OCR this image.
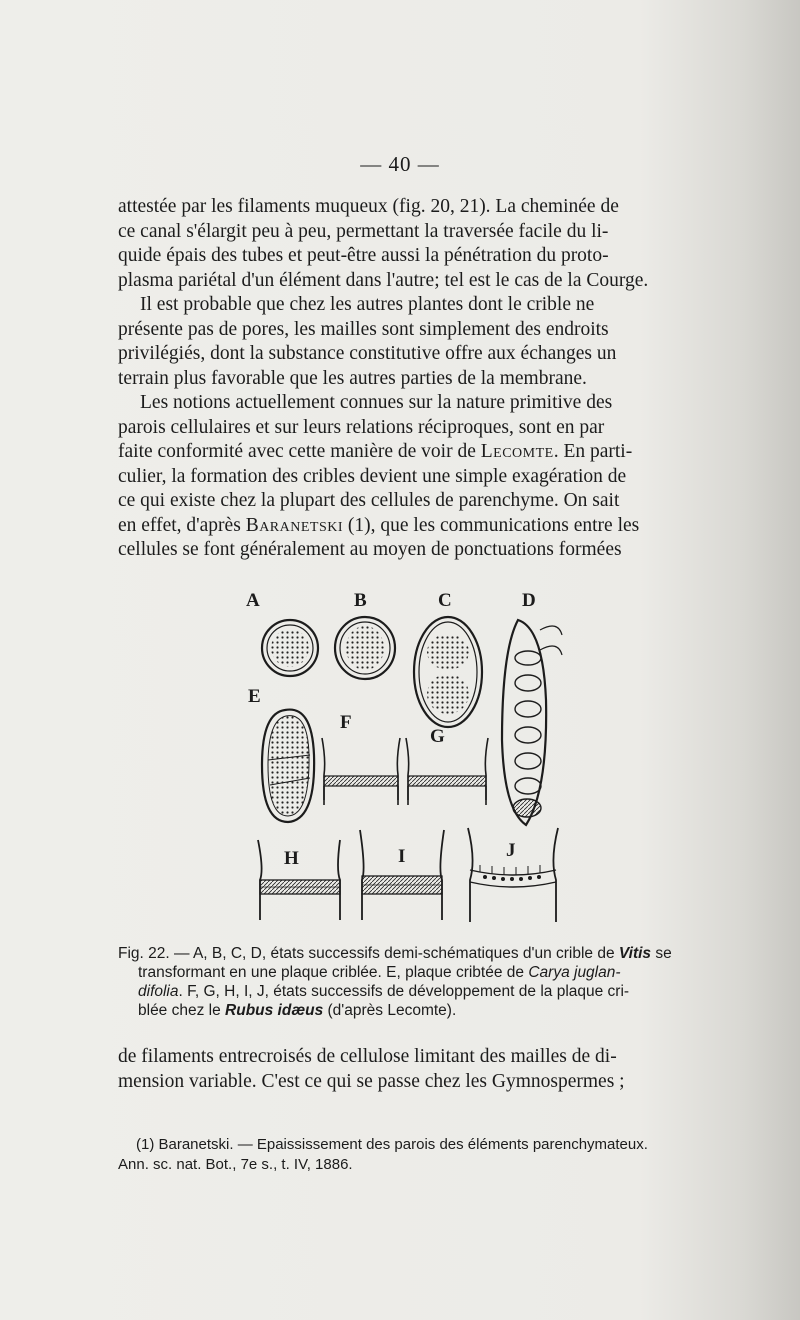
— 40 —

attestée par les filaments muqueux (fig. 20, 21). La cheminée de

ce canal s'élargit peu à peu, permettant la traversée facile du li-

quide épais des tubes et peut-être aussi la pénétration du proto-

plasma pariétal d'un élément dans l'autre; tel est le cas de la Courge.

Il est probable que chez les autres plantes dont le crible ne

présente pas de pores, les mailles sont simplement des endroits

privilégiés, dont la substance constitutive offre aux échanges un

terrain plus favorable que les autres parties de la membrane.

Les notions actuellement connues sur la nature primitive des

parois cellulaires et sur leurs relations réciproques, sont en par

faite conformité avec cette manière de voir de Lecomte. En parti-

culier, la formation des cribles devient une simple exagération de

ce qui existe chez la plupart des cellules de parenchyme. On sait

en effet, d'après Baranetski (1), que les communications entre les

cellules se font généralement au moyen de ponctuations formées

A	B	C	D
E
F
G
H	I	J

Fig. 22. — A, B, C, D, états successifs demi-schématiques d'un crible de Vitis se

transformant en une plaque criblée. E, plaque cribtée de Carya juglan-

difolia. F, G, H, I, J, états successifs de développement de la plaque cri-

blée chez le Rubus idæus (d'après Lecomte).

de filaments entrecroisés de cellulose limitant des mailles de di-

mension variable. C'est ce qui se passe chez les Gymnospermes ;

(1) Baranetski. — Epaississement des parois des éléments parenchymateux.

Ann. sc. nat. Bot., 7e s., t. IV, 1886.
